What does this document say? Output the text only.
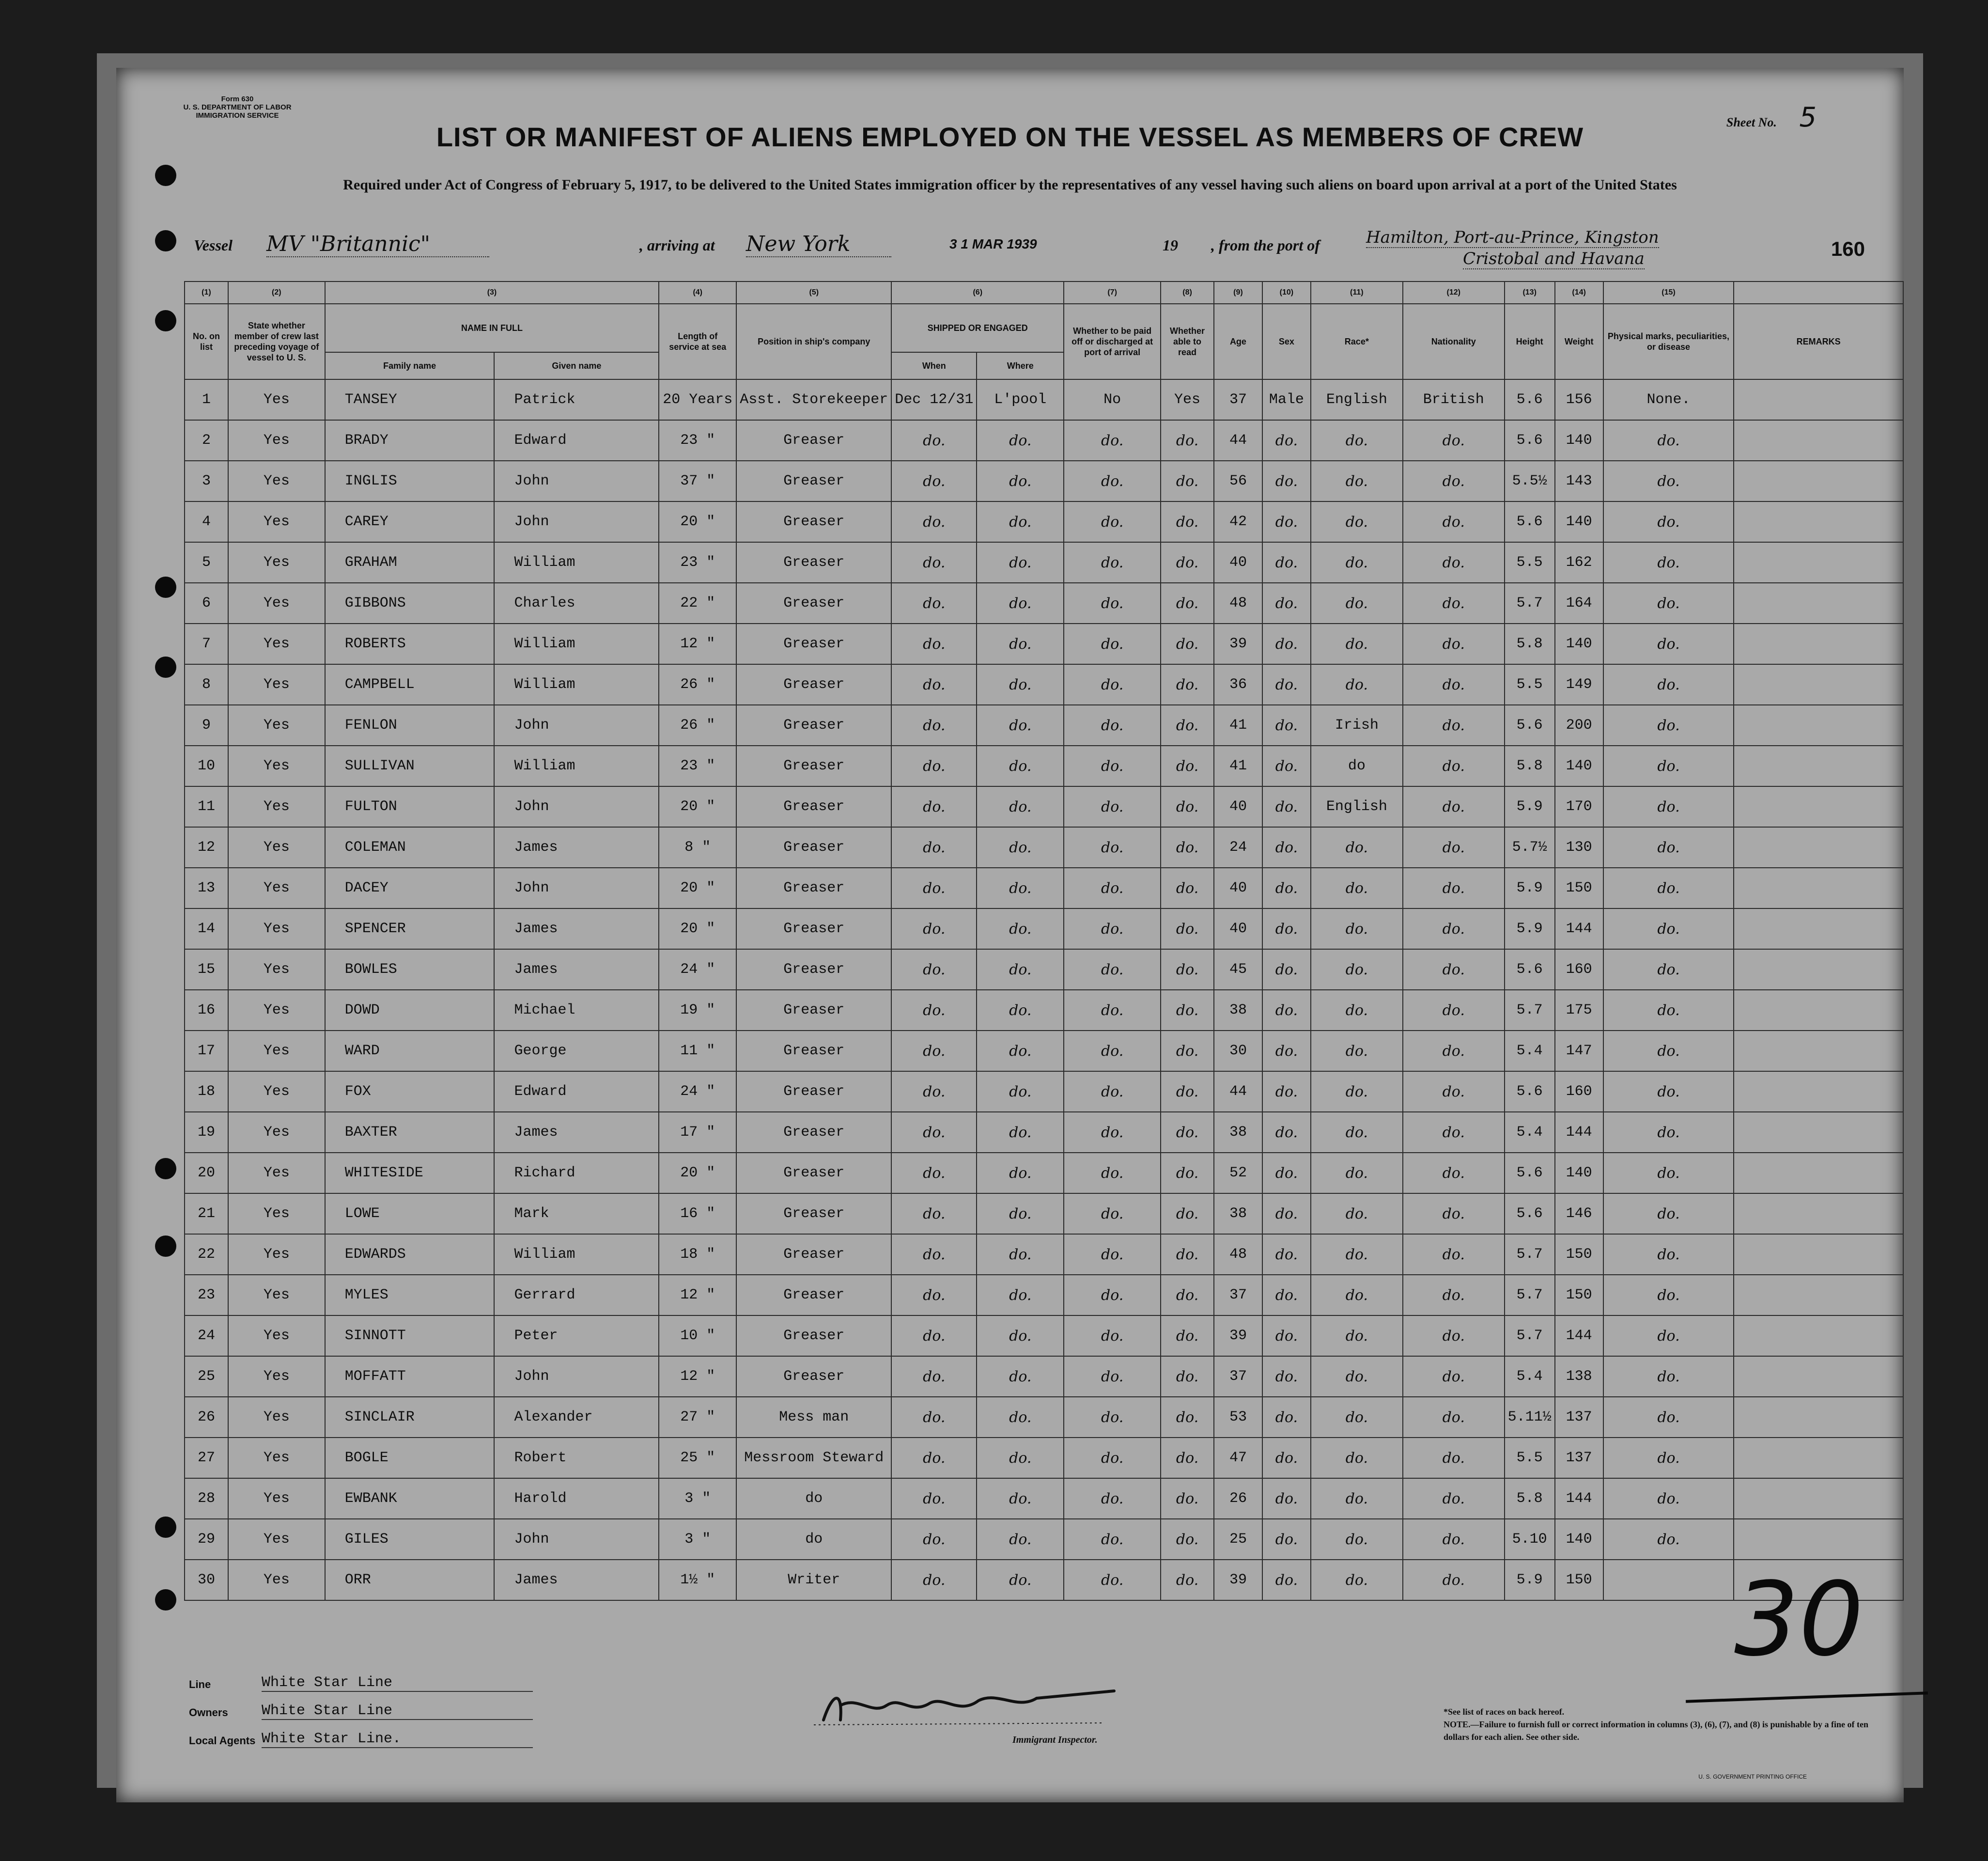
Form 630
U. S. DEPARTMENT OF LABOR
IMMIGRATION SERVICE	Sheet No. 5
LIST OR MANIFEST OF ALIENS EMPLOYED ON THE VESSEL AS MEMBERS OF CREW
Required under Act of Congress of February 5, 1917, to be delivered to the United States immigration officer by the representatives of any vessel having such aliens on board upon arrival at a port of the United States
Vessel MV "Britannic"	, arriving at New York	3 1 MAR 1939	19 , from the port of	Hamilton, Port-au-Prince, Kingston
Cristobal and Havana	160
(1)	(2)	(3)		(4)	(5)	(6)		(7)	(8)	(9)	(10)	(11)	(12)	(13)	(14)	(15)	
No. on list	State whether member of crew last preceding voyage of vessel to U. S.	NAME IN FULL		Length of service at sea	Position in ship's company	SHIPPED OR ENGAGED		Whether to be paid off or discharged at port of arrival	Whether able to read	Age	Sex	Race*	Nationality	Height	Weight	Physical marks, peculiarities, or disease	REMARKS
		Family name	Given name			When	Where										
1	Yes	TANSEY	Patrick	20 Years	Asst. Storekeeper	Dec 12/31	L'pool	No	Yes	37	Male	English	British	5.6	156	None.	
2	Yes	BRADY	Edward	23 "	Greaser	do.	do.	do.	do.	44	do.	do.	do.	5.6	140	do.	
3	Yes	INGLIS	John	37 "	Greaser	do.	do.	do.	do.	56	do.	do.	do.	5.5½	143	do.	
4	Yes	CAREY	John	20 "	Greaser	do.	do.	do.	do.	42	do.	do.	do.	5.6	140	do.	
5	Yes	GRAHAM	William	23 "	Greaser	do.	do.	do.	do.	40	do.	do.	do.	5.5	162	do.	
6	Yes	GIBBONS	Charles	22 "	Greaser	do.	do.	do.	do.	48	do.	do.	do.	5.7	164	do.	
7	Yes	ROBERTS	William	12 "	Greaser	do.	do.	do.	do.	39	do.	do.	do.	5.8	140	do.	
8	Yes	CAMPBELL	William	26 "	Greaser	do.	do.	do.	do.	36	do.	do.	do.	5.5	149	do.	
9	Yes	FENLON	John	26 "	Greaser	do.	do.	do.	do.	41	do.	Irish	do.	5.6	200	do.	
10	Yes	SULLIVAN	William	23 "	Greaser	do.	do.	do.	do.	41	do.	do	do.	5.8	140	do.	
11	Yes	FULTON	John	20 "	Greaser	do.	do.	do.	do.	40	do.	English	do.	5.9	170	do.	
12	Yes	COLEMAN	James	8 "	Greaser	do.	do.	do.	do.	24	do.	do.	do.	5.7½	130	do.	
13	Yes	DACEY	John	20 "	Greaser	do.	do.	do.	do.	40	do.	do.	do.	5.9	150	do.	
14	Yes	SPENCER	James	20 "	Greaser	do.	do.	do.	do.	40	do.	do.	do.	5.9	144	do.	
15	Yes	BOWLES	James	24 "	Greaser	do.	do.	do.	do.	45	do.	do.	do.	5.6	160	do.	
16	Yes	DOWD	Michael	19 "	Greaser	do.	do.	do.	do.	38	do.	do.	do.	5.7	175	do.	
17	Yes	WARD	George	11 "	Greaser	do.	do.	do.	do.	30	do.	do.	do.	5.4	147	do.	
18	Yes	FOX	Edward	24 "	Greaser	do.	do.	do.	do.	44	do.	do.	do.	5.6	160	do.	
19	Yes	BAXTER	James	17 "	Greaser	do.	do.	do.	do.	38	do.	do.	do.	5.4	144	do.	
20	Yes	WHITESIDE	Richard	20 "	Greaser	do.	do.	do.	do.	52	do.	do.	do.	5.6	140	do.	
21	Yes	LOWE	Mark	16 "	Greaser	do.	do.	do.	do.	38	do.	do.	do.	5.6	146	do.	
22	Yes	EDWARDS	William	18 "	Greaser	do.	do.	do.	do.	48	do.	do.	do.	5.7	150	do.	
23	Yes	MYLES	Gerrard	12 "	Greaser	do.	do.	do.	do.	37	do.	do.	do.	5.7	150	do.	
24	Yes	SINNOTT	Peter	10 "	Greaser	do.	do.	do.	do.	39	do.	do.	do.	5.7	144	do.	
25	Yes	MOFFATT	John	12 "	Greaser	do.	do.	do.	do.	37	do.	do.	do.	5.4	138	do.	
26	Yes	SINCLAIR	Alexander	27 "	Mess man	do.	do.	do.	do.	53	do.	do.	do.	5.11½	137	do.	
27	Yes	BOGLE	Robert	25 "	Messroom Steward	do.	do.	do.	do.	47	do.	do.	do.	5.5	137	do.	
28	Yes	EWBANK	Harold	3 "	do	do.	do.	do.	do.	26	do.	do.	do.	5.8	144	do.	
29	Yes	GILES	John	3 "	do	do.	do.	do.	do.	25	do.	do.	do.	5.10	140	do.	
30	Yes	ORR	James	1½ "	Writer	do.	do.	do.	do.	39	do.	do.	do.	5.9	150		30
Line	White Star Line
Owners White Star Line
Local Agents White Star Line.	Immigrant Inspector.
*See list of races on back hereof.
NOTE.—Failure to furnish full or correct information in columns (3), (6), (7), and (8) is punishable by a fine of ten dollars for each alien. See other side.
U. S. GOVERNMENT PRINTING OFFICE
